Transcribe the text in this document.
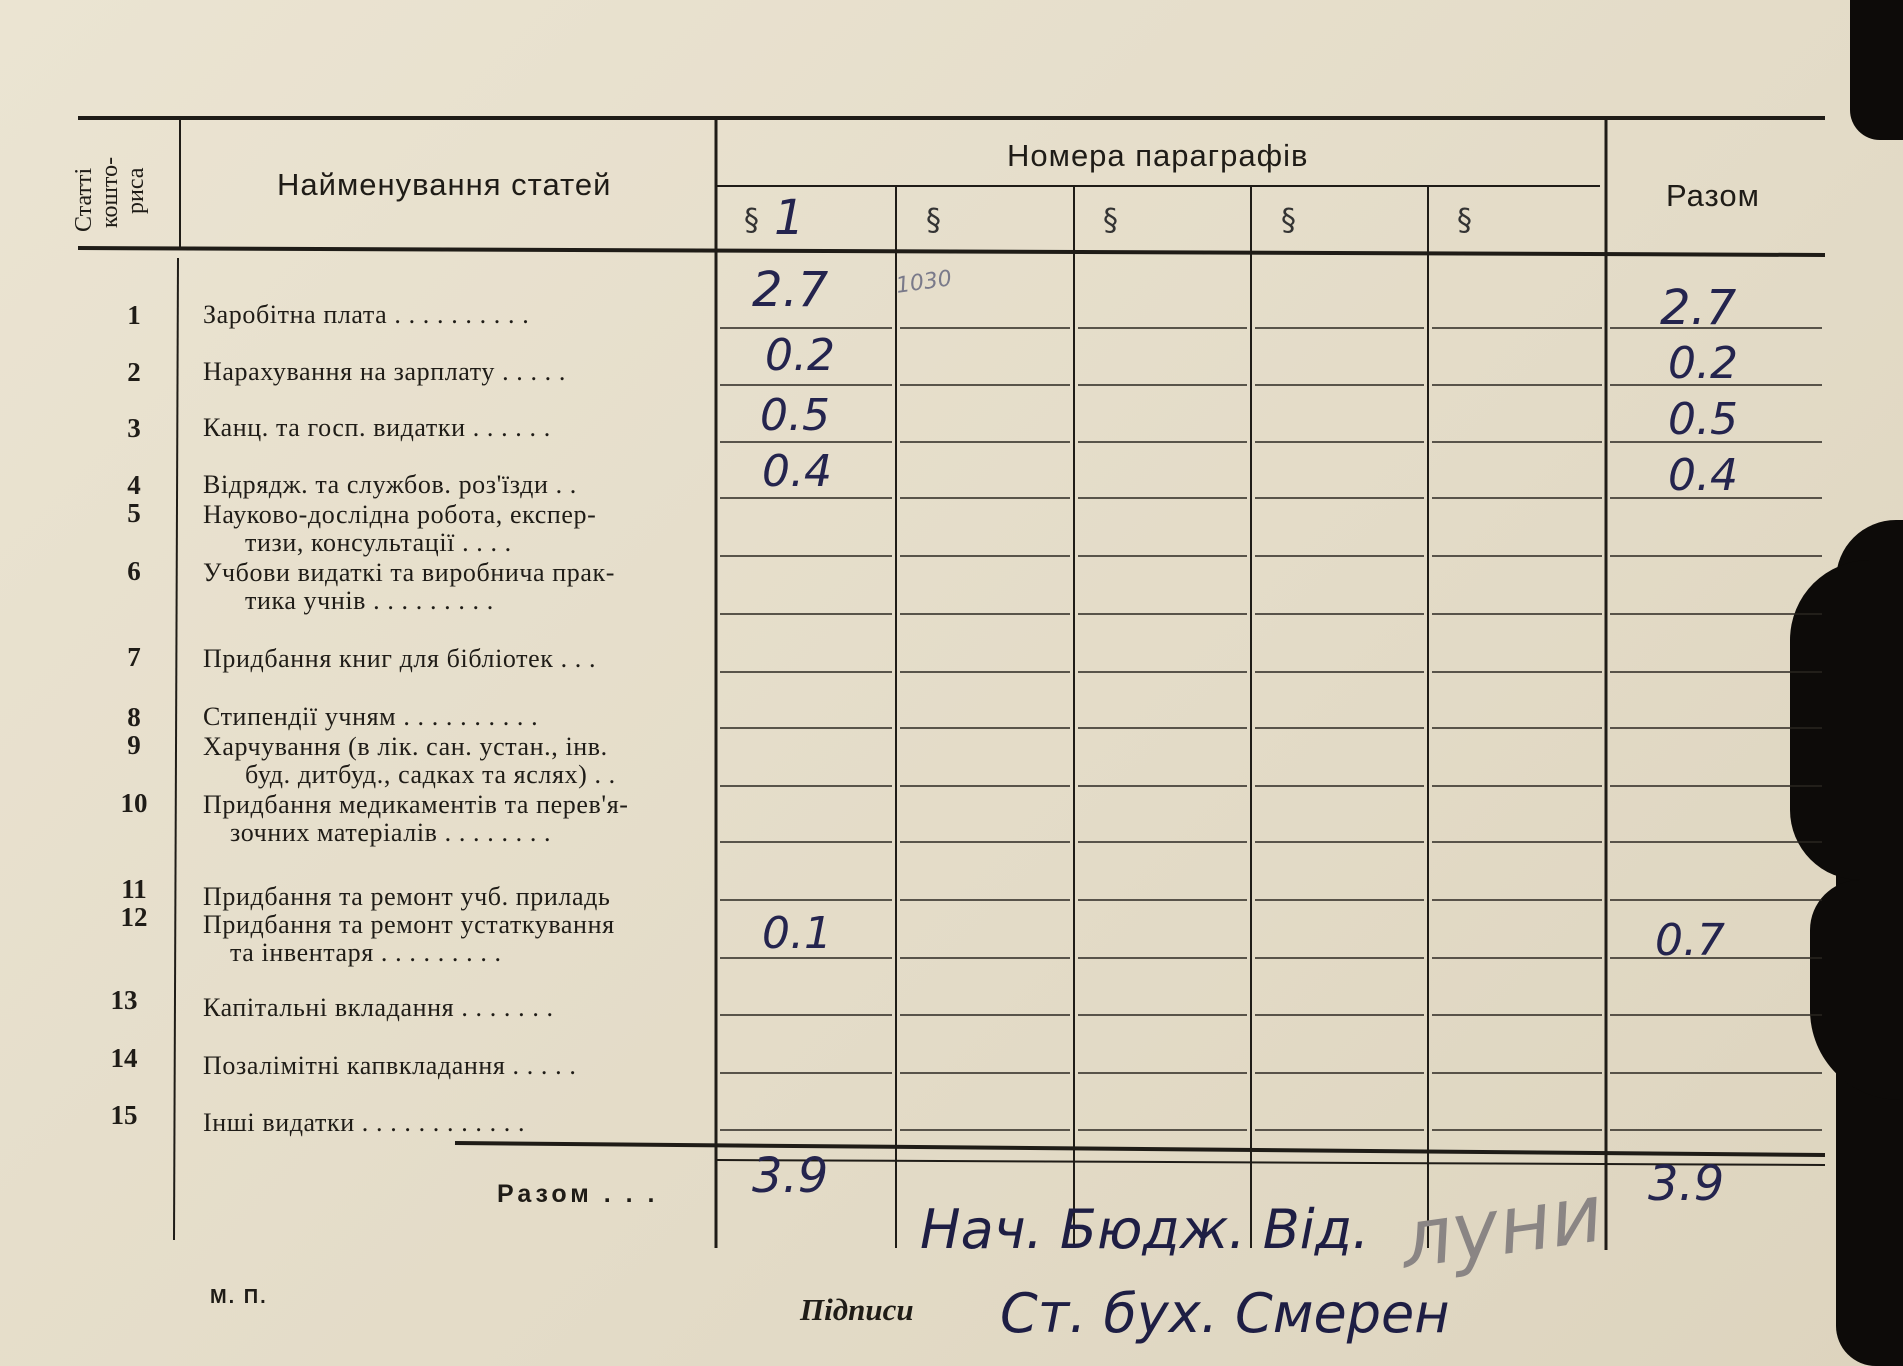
Статті кошто- риса	Найменування статей
Номера параграфів
Разом
§ 1	§	§	§	§
1030
1	Заробітна плата . . . . . . . . . .	2.7	2.7
2	Нарахування на зарплату . . . . .	0.2	0.2
3	Канц. та госп. видатки . . . . . .	0.5	0.5
4	Відрядж. та службов. роз'їзди . .	0.4	0.4
5	Науково-дослідна робота, експер-
тизи, консультації . . . .
6	Учбови видаткі та виробнича прак-
тика учнів . . . . . . . . .
7	Придбання книг для бібліотек . . .
8	Стипендії учням . . . . . . . . . .
9	Харчування (в лік. сан. устан., інв.
буд. дитбуд., садках та яслях) . .
10	Придбання медикаментів та перев'я-
зочних матеріалів . . . . . . . .
11	Придбання та ремонт учб. приладь
12	Придбання та ремонт устаткування
та інвентаря . . . . . . . . .	0.1	0.7
13	Капітальні вкладання . . . . . . .
14	Позалімітні капвкладання . . . . .
15	Інші видатки . . . . . . . . . . . .
Разом . . . 3.9	3.9
М. П.	Підписи
Нач. Бюдж. Від. луни
Ст. бух. Смерен
